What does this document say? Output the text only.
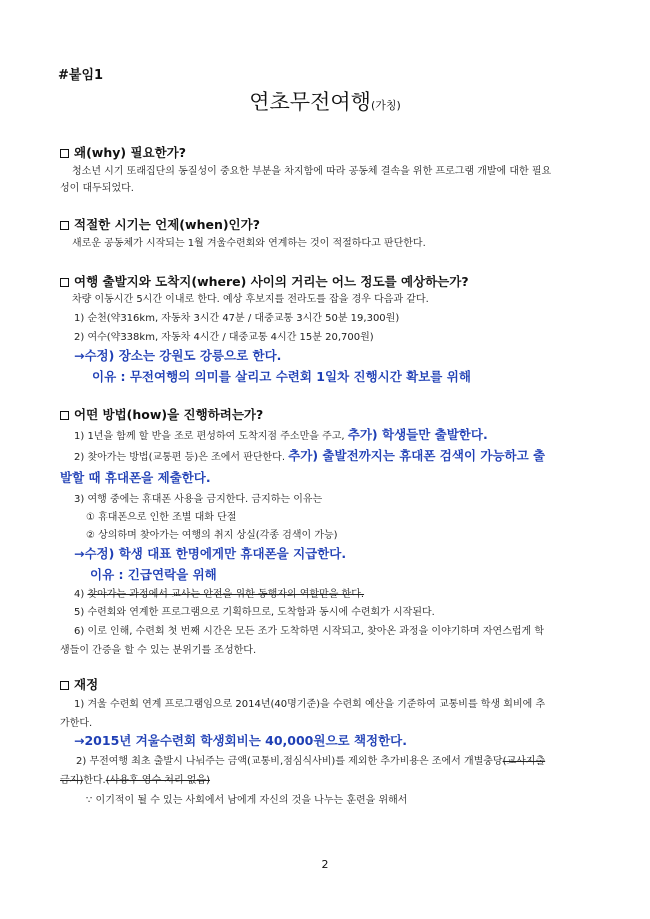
#붙임1
연초무전여행(가칭)
왜(why) 필요한가?
청소년 시기 또래집단의 동질성이 중요한 부분을 차지함에 따라 공동체 결속을 위한 프로그램 개발에 대한 필요성이 대두되었다.
적절한 시기는 언제(when)인가?
새로운 공동체가 시작되는 1월 겨울수련회와 연계하는 것이 적절하다고 판단한다.
여행 출발지와 도착지(where) 사이의 거리는 어느 정도를 예상하는가?
차량 이동시간 5시간 이내로 한다. 예상 후보지를 전라도를 잡을 경우 다음과 같다.
1) 순천(약316km, 자동차 3시간 47분 / 대중교통 3시간 50분 19,300원)
2) 여수(약338km, 자동차 4시간 / 대중교통 4시간 15분 20,700원)
→수정) 장소는 강원도 강릉으로 한다.
이유 : 무전여행의 의미를 살리고 수련회 1일차 진행시간 확보를 위해
어떤 방법(how)을 진행하려는가?
1) 1년을 함께 할 반을 조로 편성하여 도착지점 주소만을 주고, 추가) 학생들만 출발한다.
2) 찾아가는 방법(교통편 등)은 조에서 판단한다. 추가) 출발전까지는 휴대폰 검색이 가능하고 출발할 때 휴대폰을 제출한다.
3) 여행 중에는 휴대폰 사용을 금지한다. 금지하는 이유는
① 휴대폰으로 인한 조별 대화 단절
② 상의하며 찾아가는 여행의 취지 상실(각종 검색이 가능)
→수정) 학생 대표 한명에게만 휴대폰을 지급한다.
이유 : 긴급연락을 위해
4) 찾아가는 과정에서 교사는 안전을 위한 동행자의 역할만을 한다.
5) 수련회와 연계한 프로그램으로 기획하므로, 도착함과 동시에 수련회가 시작된다.
6) 이로 인해, 수련회 첫 번째 시간은 모든 조가 도착하면 시작되고, 찾아온 과정을 이야기하며 자연스럽게 학생들이 간증을 할 수 있는 분위기를 조성한다.
재정
1) 겨울 수련회 연계 프로그램임으로 2014년(40명기준)을 수련회 예산을 기준하여 교통비를 학생 회비에 추가한다.
→2015년 겨울수련회 학생회비는 40,000원으로 책정한다.
2) 무전여행 최초 출발시 나눠주는 금액(교통비,점심식사비)를 제외한 추가비용은 조에서 개별충당(교사지출금지)한다.(사용후 영수 처리 없음)
∵ 이기적이 될 수 있는 사회에서 남에게 자신의 것을 나누는 훈련을 위해서
2
